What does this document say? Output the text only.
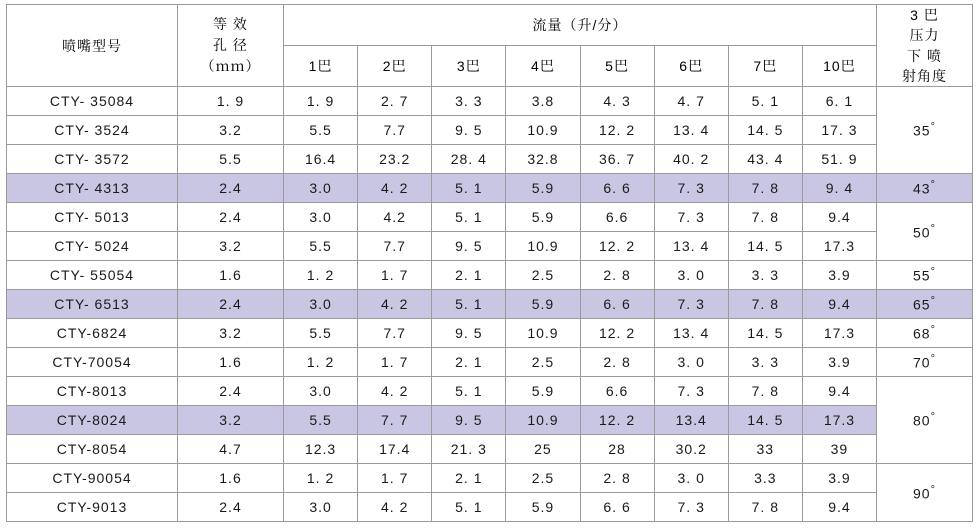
喷嘴型号	等 效
孔 径
（ｍｍ）	流量（升/分）								3 巴
压力
下 喷
射角度

		1巴	2巴	3巴	4巴	5巴	6巴	7巴	10巴	
CTY- 35084	1. 9	1. 9	2. 7	3. 3	3.8	4. 3	4. 7	5. 1	6. 1	35°
CTY- 3524	3.2	5.5	7.7	9. 5	10.9	12. 2	13. 4	14. 5	17. 3	
CTY- 3572	5.5	16.4	23.2	28. 4	32.8	36. 7	40. 2	43. 4	51. 9	
CTY- 4313	2.4	3.0	4. 2	5. 1	5.9	6. 6	7. 3	7. 8	9. 4	43°
CTY- 5013	2.4	3.0	4.2	5. 1	5.9	6.6	7. 3	7. 8	9.4	50°
CTY- 5024	3.2	5.5	7.7	9. 5	10.9	12. 2	13. 4	14. 5	17.3	
CTY- 55054	1.6	1. 2	1. 7	2. 1	2.5	2. 8	3. 0	3. 3	3.9	55°
CTY- 6513	2.4	3.0	4. 2	5. 1	5.9	6. 6	7. 3	7. 8	9.4	65°
CTY-6824	3.2	5.5	7.7	9. 5	10.9	12. 2	13. 4	14. 5	17.3	68°
CTY-70054	1.6	1. 2	1. 7	2. 1	2.5	2. 8	3. 0	3. 3	3.9	70°
CTY-8013	2.4	3.0	4. 2	5. 1	5.9	6.6	7. 3	7. 8	9.4	80°
CTY-8024	3.2	5.5	7. 7	9. 5	10.9	12. 2	13.4	14. 5	17.3	
CTY-8054	4.7	12.3	17.4	21. 3	25	28	30.2	33	39	
CTY-90054	1.6	1. 2	1. 7	2. 1	2.5	2. 8	3. 0	3.3	3.9	90°
CTY-9013	2.4	3.0	4. 2	5. 1	5.9	6. 6	7. 3	7. 8	9.4	
